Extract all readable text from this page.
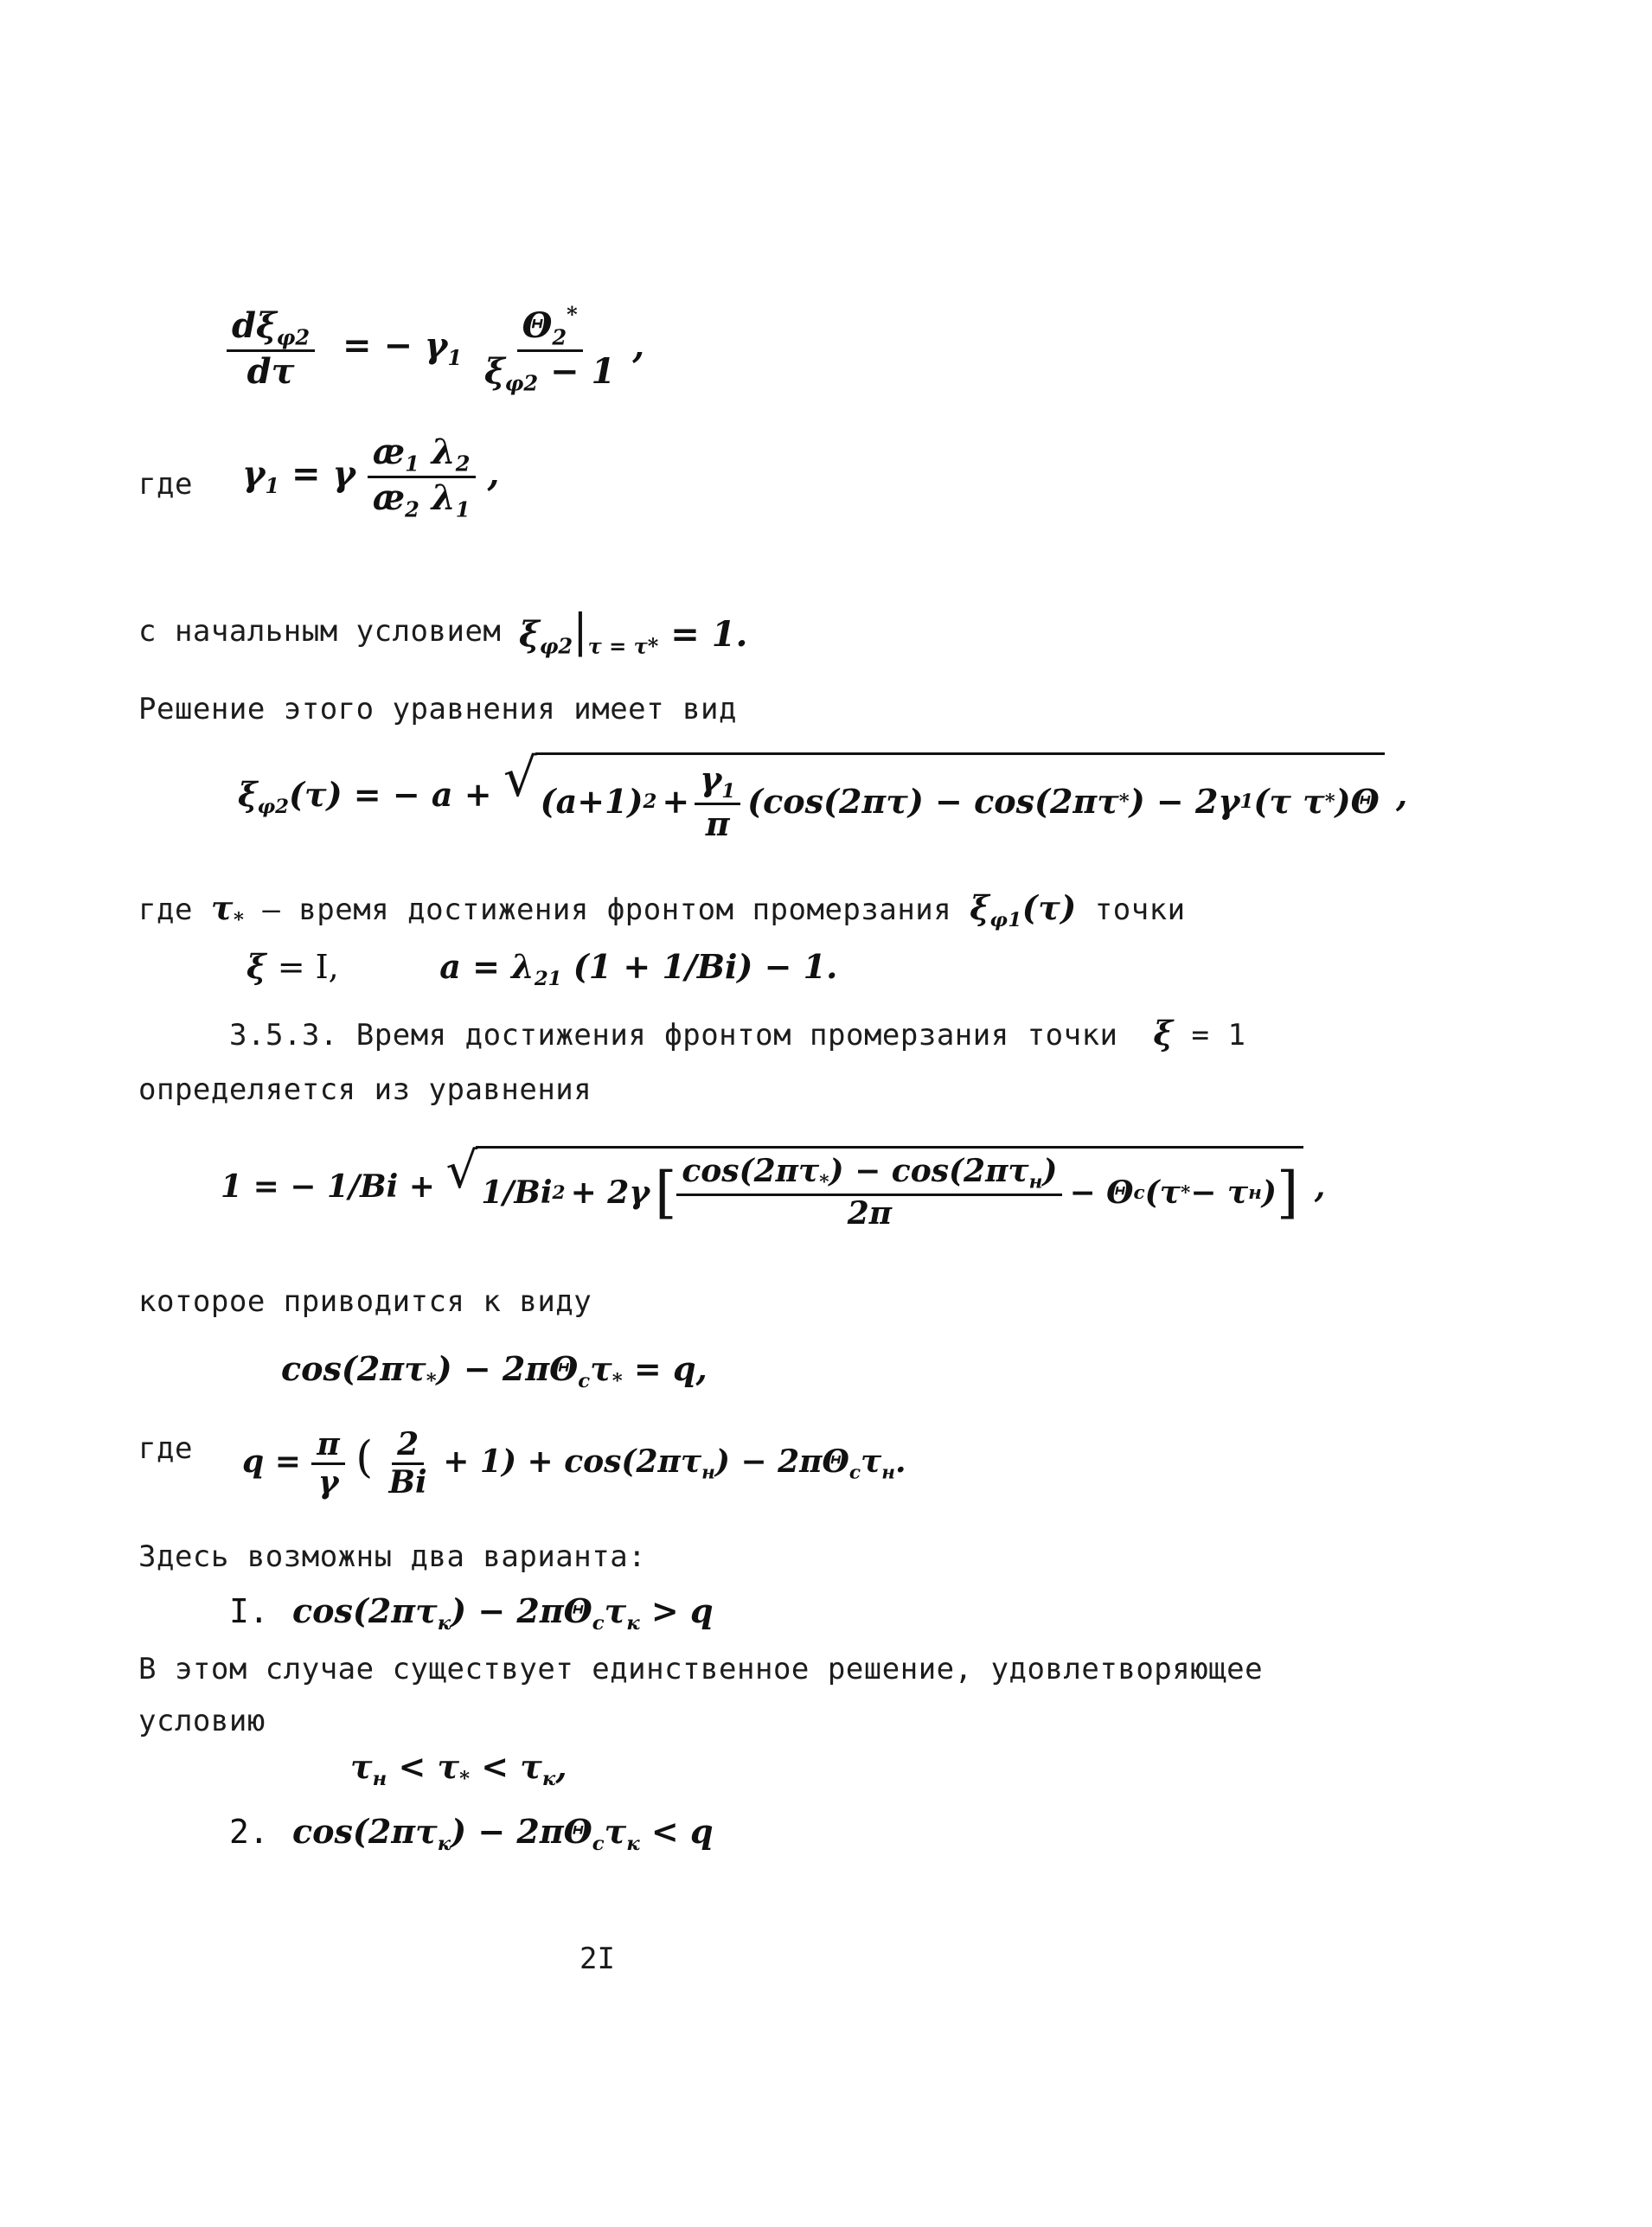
$\frac{d\xi_{\varphi 2}}{d\tau}$ = − $\gamma_1 \frac{\Theta_2^*}{\xi_{\varphi 2} - 1}$ ,
где $\gamma_1 = \gamma \frac{æ_1 \lambda_2}{æ_2 \lambda_1}$ ,
с начальным условием $\xi_{\varphi 2}|_{\tau = \tau*} = 1$.
Решение этого уравнения имеет вид
$\xi_{\varphi 2}(\tau)$ = − a + √ (a+1) $2 + \frac{\gamma_1}{\pi} (\cos(2\pi\tau) - \cos(2\pi\tau$ * ) − 2γ 1 (τ τ * )Θ ,
где $\tau_*$ – время достижения фронтом промерзания $\xi_{\varphi 1}(\tau)$ точки
ξ = I,	$a = \lambda_{21}$ (1 + 1/Bi) − 1.
3.5.3. Время достижения фронтом промерзания точки ξ = 1
определяется из уравнения
1 = − 1/Bi + √ 1/Bi 2 + 2γ [ $\frac{\cos(2\pi\tau_*) - \cos(2\pi\tau_н)}{2\pi} - \Theta$ c (τ * − τ н ) ] ,
которое приводится к виду
$\cos(2\pi\tau_*) - 2\pi\Theta_c\tau_* = q$,
где $q = \frac{\pi}{\gamma}$ ( $\frac{2}{Bi} + 1) + \cos(2\pi\tau_н) - 2\pi\Theta_c\tau_н$.
Здесь возможны два варианта:
I. $\cos(2\pi\tau_к) - 2\pi\Theta_c\tau_к > q$
В этом случае существует единственное решение, удовлетворяющее
условию
$\tau_н < \tau_* < \tau_к$,
2. $\cos(2\pi\tau_к) - 2\pi\Theta_c\tau_к < q$
2I
